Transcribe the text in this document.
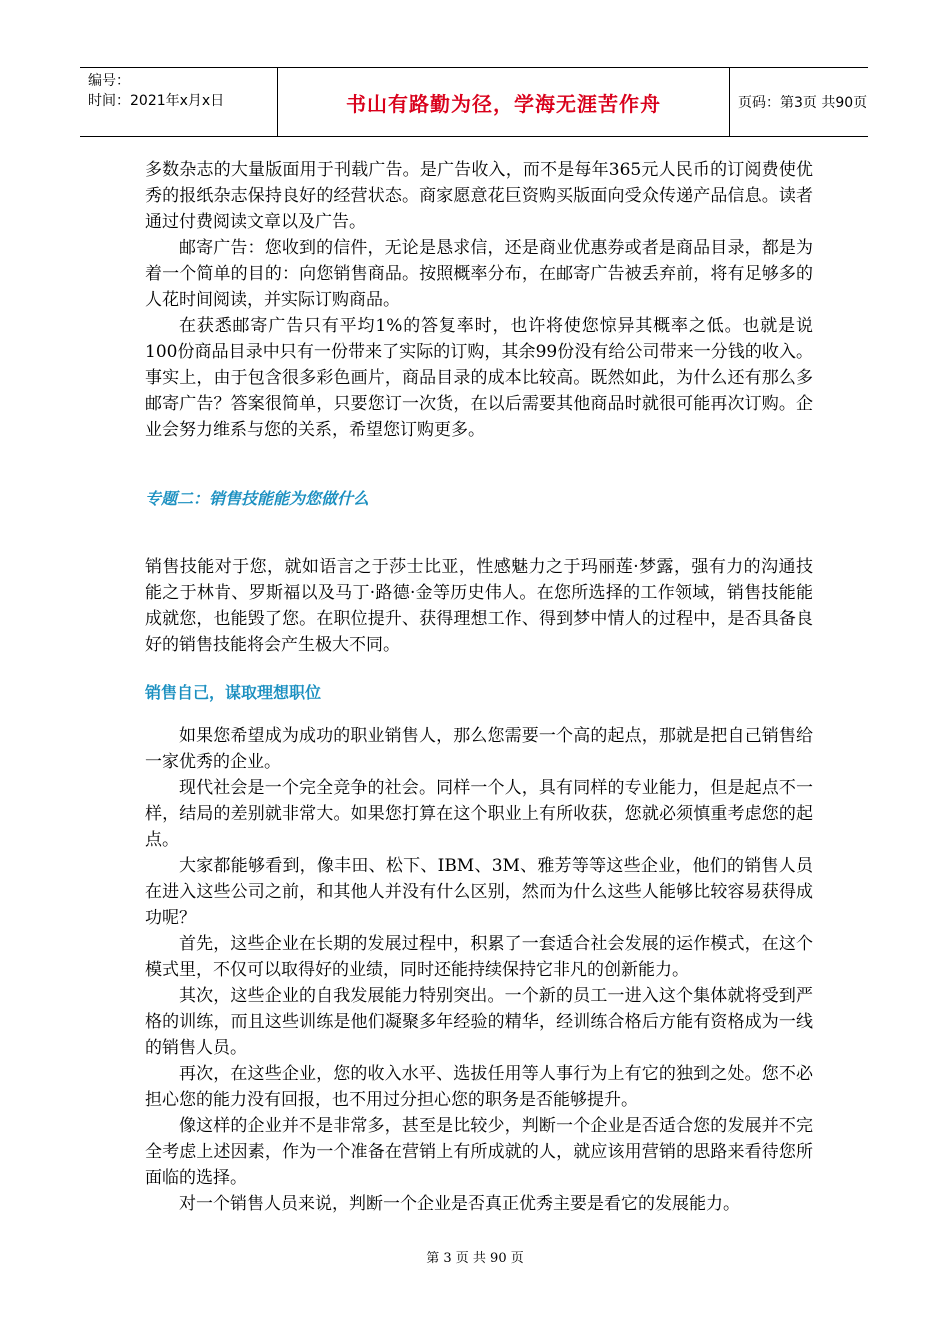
编号：
时间：2021年x月x日	书山有路勤为径，学海无涯苦作舟	页码：第3页 共90页

多数杂志的大量版面用于刊载广告。是广告收入，而不是每年365元人民币的订阅费使优秀的报纸杂志保持良好的经营状态。商家愿意花巨资购买版面向受众传递产品信息。读者通过付费阅读文章以及广告。

邮寄广告：您收到的信件，无论是恳求信，还是商业优惠券或者是商品目录，都是为着一个简单的目的：向您销售商品。按照概率分布，在邮寄广告被丢弃前，将有足够多的人花时间阅读，并实际订购商品。

在获悉邮寄广告只有平均1%的答复率时，也许将使您惊异其概率之低。也就是说100份商品目录中只有一份带来了实际的订购，其余99份没有给公司带来一分钱的收入。事实上，由于包含很多彩色画片，商品目录的成本比较高。既然如此，为什么还有那么多邮寄广告？答案很简单，只要您订一次货，在以后需要其他商品时就很可能再次订购。企业会努力维系与您的关系，希望您订购更多。

专题二：销售技能能为您做什么

销售技能对于您，就如语言之于莎士比亚，性感魅力之于玛丽莲·梦露，强有力的沟通技能之于林肯、罗斯福以及马丁·路德·金等历史伟人。在您所选择的工作领域，销售技能能成就您，也能毁了您。在职位提升、获得理想工作、得到梦中情人的过程中，是否具备良好的销售技能将会产生极大不同。

销售自己，谋取理想职位

如果您希望成为成功的职业销售人，那么您需要一个高的起点，那就是把自己销售给一家优秀的企业。

现代社会是一个完全竞争的社会。同样一个人，具有同样的专业能力，但是起点不一样，结局的差别就非常大。如果您打算在这个职业上有所收获，您就必须慎重考虑您的起点。

大家都能够看到，像丰田、松下、IBM、3M、雅芳等等这些企业，他们的销售人员在进入这些公司之前，和其他人并没有什么区别，然而为什么这些人能够比较容易获得成功呢？

首先，这些企业在长期的发展过程中，积累了一套适合社会发展的运作模式，在这个模式里，不仅可以取得好的业绩，同时还能持续保持它非凡的创新能力。

其次，这些企业的自我发展能力特别突出。一个新的员工一进入这个集体就将受到严格的训练，而且这些训练是他们凝聚多年经验的精华，经训练合格后方能有资格成为一线的销售人员。

再次，在这些企业，您的收入水平、选拔任用等人事行为上有它的独到之处。您不必担心您的能力没有回报，也不用过分担心您的职务是否能够提升。

像这样的企业并不是非常多，甚至是比较少，判断一个企业是否适合您的发展并不完全考虑上述因素，作为一个准备在营销上有所成就的人，就应该用营销的思路来看待您所面临的选择。

对一个销售人员来说，判断一个企业是否真正优秀主要是看它的发展能力。

第 3 页 共 90 页
